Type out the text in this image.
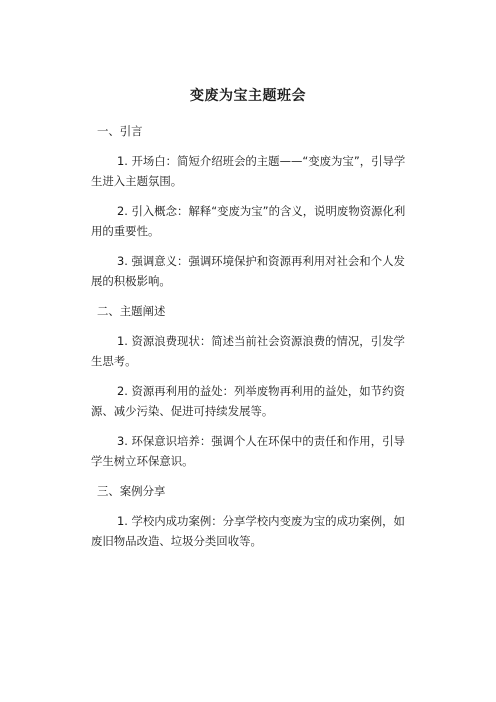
变废为宝主题班会
一、引言
1. 开场白：简短介绍班会的主题——“变废为宝”，引导学生进入主题氛围。
2. 引入概念：解释“变废为宝”的含义，说明废物资源化利用的重要性。
3. 强调意义：强调环境保护和资源再利用对社会和个人发展的积极影响。
二、主题阐述
1. 资源浪费现状：简述当前社会资源浪费的情况，引发学生思考。
2. 资源再利用的益处：列举废物再利用的益处，如节约资源、减少污染、促进可持续发展等。
3. 环保意识培养：强调个人在环保中的责任和作用，引导学生树立环保意识。
三、案例分享
1. 学校内成功案例：分享学校内变废为宝的成功案例，如废旧物品改造、垃圾分类回收等。
